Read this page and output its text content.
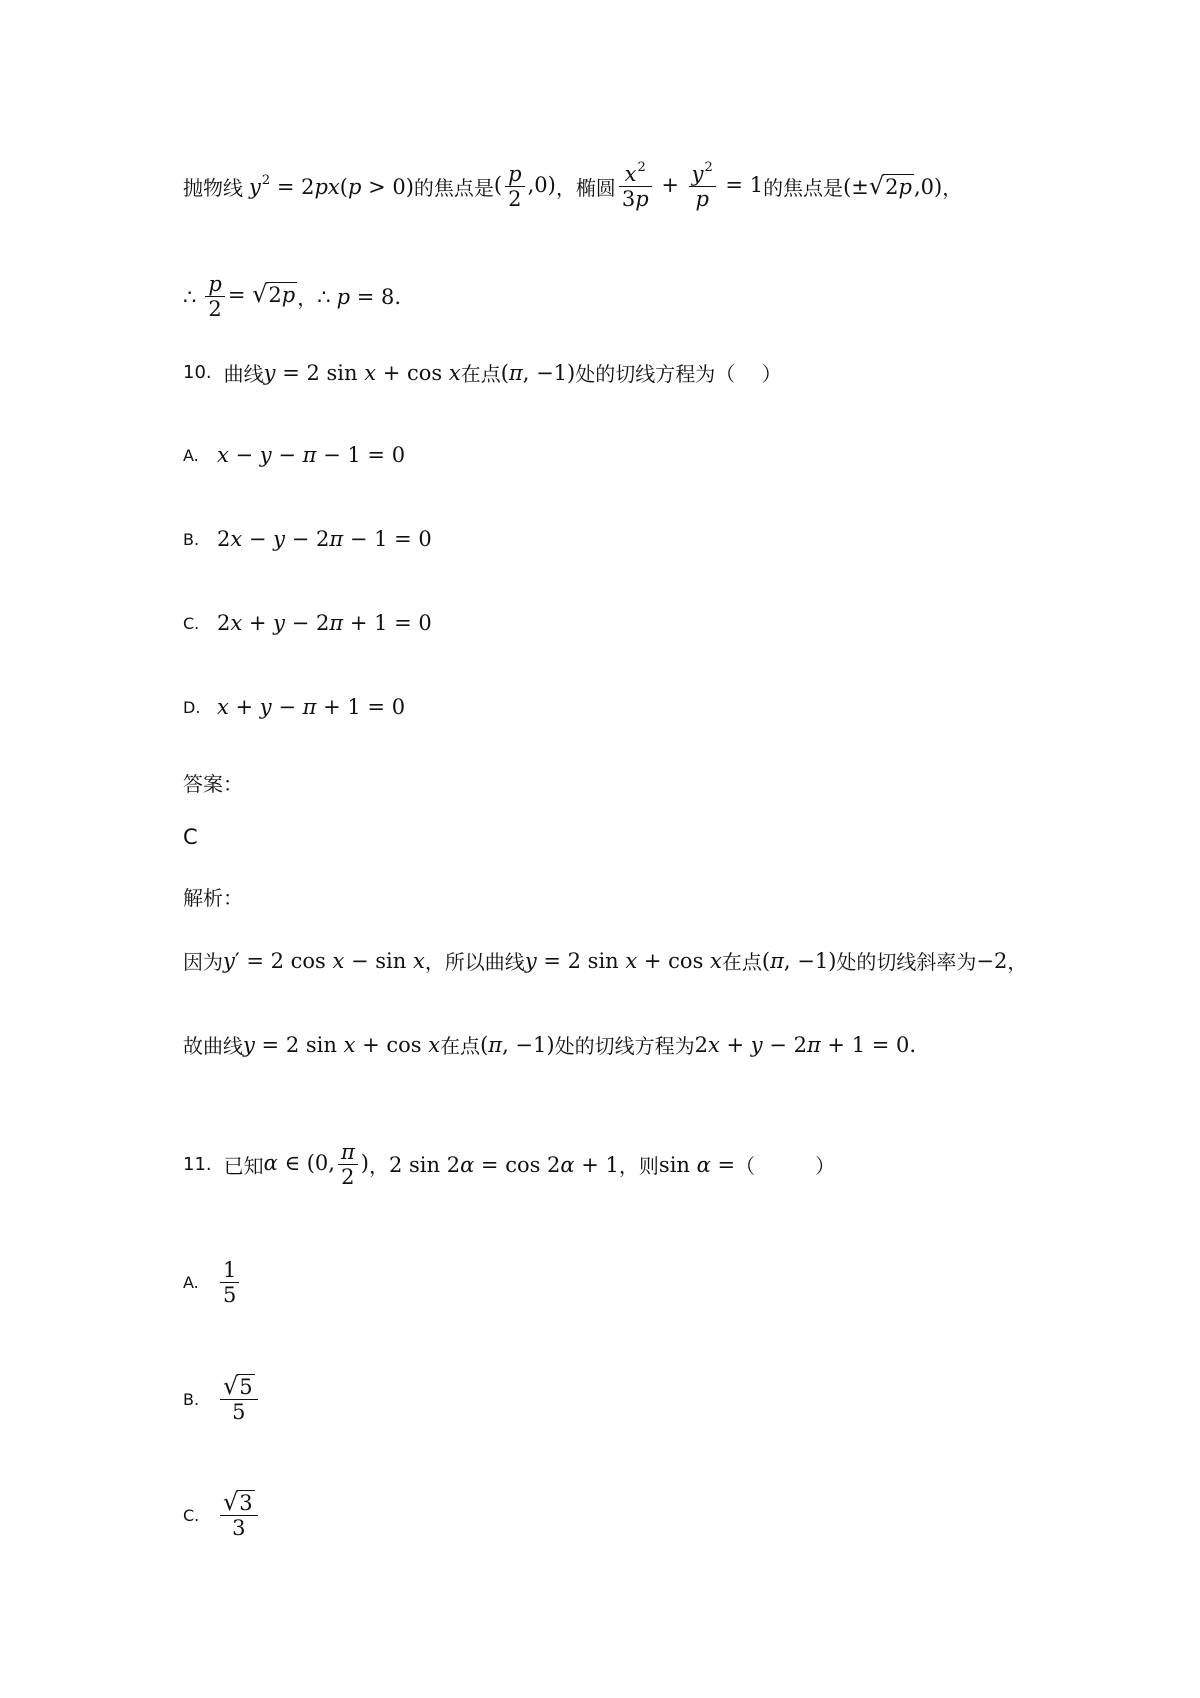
抛物线 $y^2 = 2px(p > 0)$ 的焦点是 ( $\frac{p}{2} ,0$) ， 椭圆 $\frac{x^2}{3p} + \frac{y^2}{p} = 1$ 的焦点是 (± √ 2p ,0) ，
∴ $\frac{p}{2}$ = √ 2p ， ∴ p = 8 .
10. 曲线 y = 2 sin x + cos x 在点 (π, −1) 处的切线方程为（　 ）
A. x − y − π − 1 = 0
B. 2x − y − 2π − 1 = 0
C. 2x + y − 2π + 1 = 0
D. x + y − π + 1 = 0
答案：
C
解析：
因为 y′ = 2 cos x − sin x ， 所以曲线 y = 2 sin x + cos x 在点 (π, −1) 处的切线斜率为 −2 ，
故曲线 y = 2 sin x + cos x 在点 (π, −1) 处的切线方程为 2x + y − 2π + 1 = 0 .
11. 已知 α ∈ (0, $\frac{\pi}{2}$ ) ， 2 sin 2α = cos 2α + 1 ，则 sin α = （　　　）
A.	$\frac{1}{5}$
B. $\frac{√ 5}{5}$
C. $\frac{√ 3}{3}$
